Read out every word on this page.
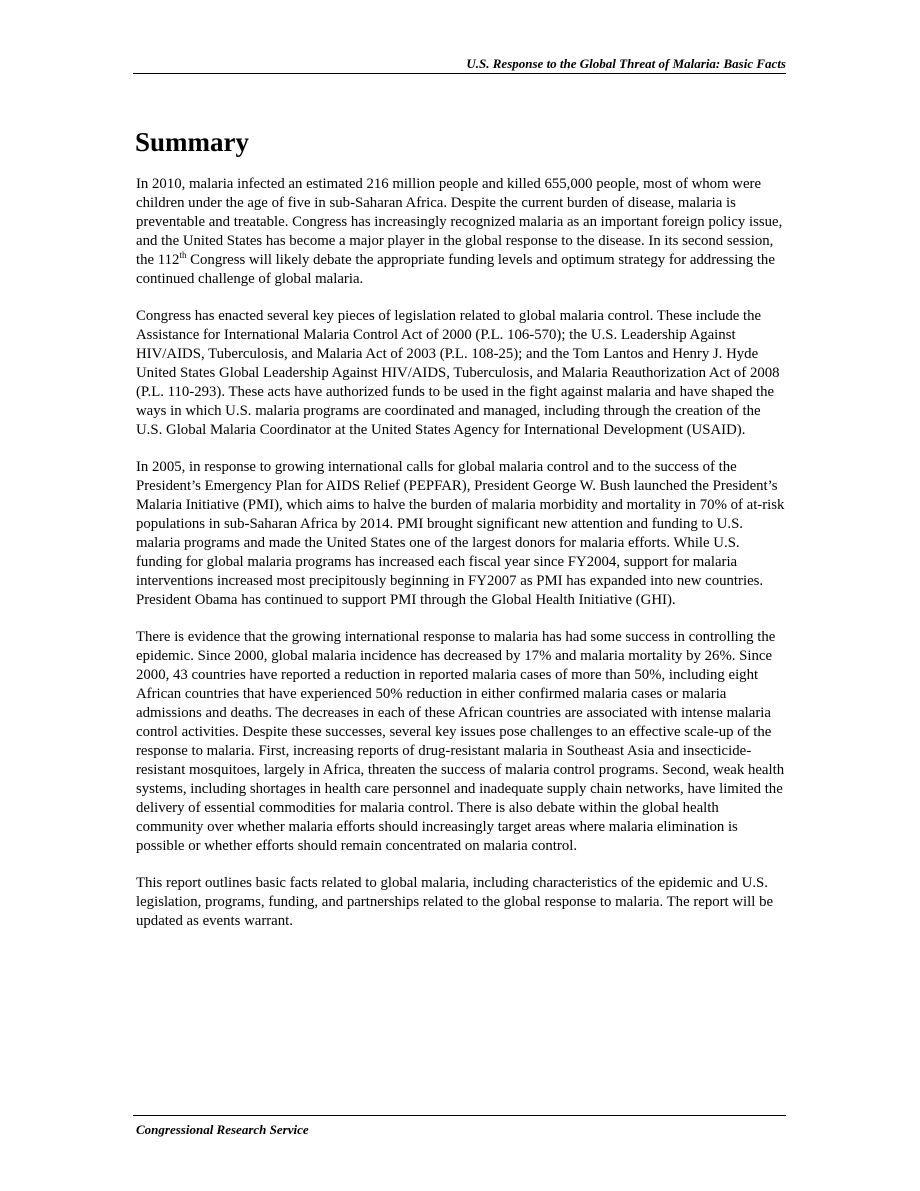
U.S. Response to the Global Threat of Malaria: Basic Facts
Summary

In 2010, malaria infected an estimated 216 million people and killed 655,000 people, most of whom were children under the age of five in sub-Saharan Africa. Despite the current burden of disease, malaria is preventable and treatable. Congress has increasingly recognized malaria as an important foreign policy issue, and the United States has become a major player in the global response to the disease. In its second session, the 112th Congress will likely debate the appropriate funding levels and optimum strategy for addressing the continued challenge of global malaria.

Congress has enacted several key pieces of legislation related to global malaria control. These include the Assistance for International Malaria Control Act of 2000 (P.L. 106-570); the U.S. Leadership Against HIV/AIDS, Tuberculosis, and Malaria Act of 2003 (P.L. 108-25); and the Tom Lantos and Henry J. Hyde United States Global Leadership Against HIV/AIDS, Tuberculosis, and Malaria Reauthorization Act of 2008 (P.L. 110-293). These acts have authorized funds to be used in the fight against malaria and have shaped the ways in which U.S. malaria programs are coordinated and managed, including through the creation of the U.S. Global Malaria Coordinator at the United States Agency for International Development (USAID).

In 2005, in response to growing international calls for global malaria control and to the success of the President’s Emergency Plan for AIDS Relief (PEPFAR), President George W. Bush launched the President’s Malaria Initiative (PMI), which aims to halve the burden of malaria morbidity and mortality in 70% of at-risk populations in sub-Saharan Africa by 2014. PMI brought significant new attention and funding to U.S. malaria programs and made the United States one of the largest donors for malaria efforts. While U.S. funding for global malaria programs has increased each fiscal year since FY2004, support for malaria interventions increased most precipitously beginning in FY2007 as PMI has expanded into new countries. President Obama has continued to support PMI through the Global Health Initiative (GHI).

There is evidence that the growing international response to malaria has had some success in controlling the epidemic. Since 2000, global malaria incidence has decreased by 17% and malaria mortality by 26%. Since 2000, 43 countries have reported a reduction in reported malaria cases of more than 50%, including eight African countries that have experienced 50% reduction in either confirmed malaria cases or malaria admissions and deaths. The decreases in each of these African countries are associated with intense malaria control activities. Despite these successes, several key issues pose challenges to an effective scale-up of the response to malaria. First, increasing reports of drug-resistant malaria in Southeast Asia and insecticide-resistant mosquitoes, largely in Africa, threaten the success of malaria control programs. Second, weak health systems, including shortages in health care personnel and inadequate supply chain networks, have limited the delivery of essential commodities for malaria control. There is also debate within the global health community over whether malaria efforts should increasingly target areas where malaria elimination is possible or whether efforts should remain concentrated on malaria control.

This report outlines basic facts related to global malaria, including characteristics of the epidemic and U.S. legislation, programs, funding, and partnerships related to the global response to malaria. The report will be updated as events warrant.

Congressional Research Service
